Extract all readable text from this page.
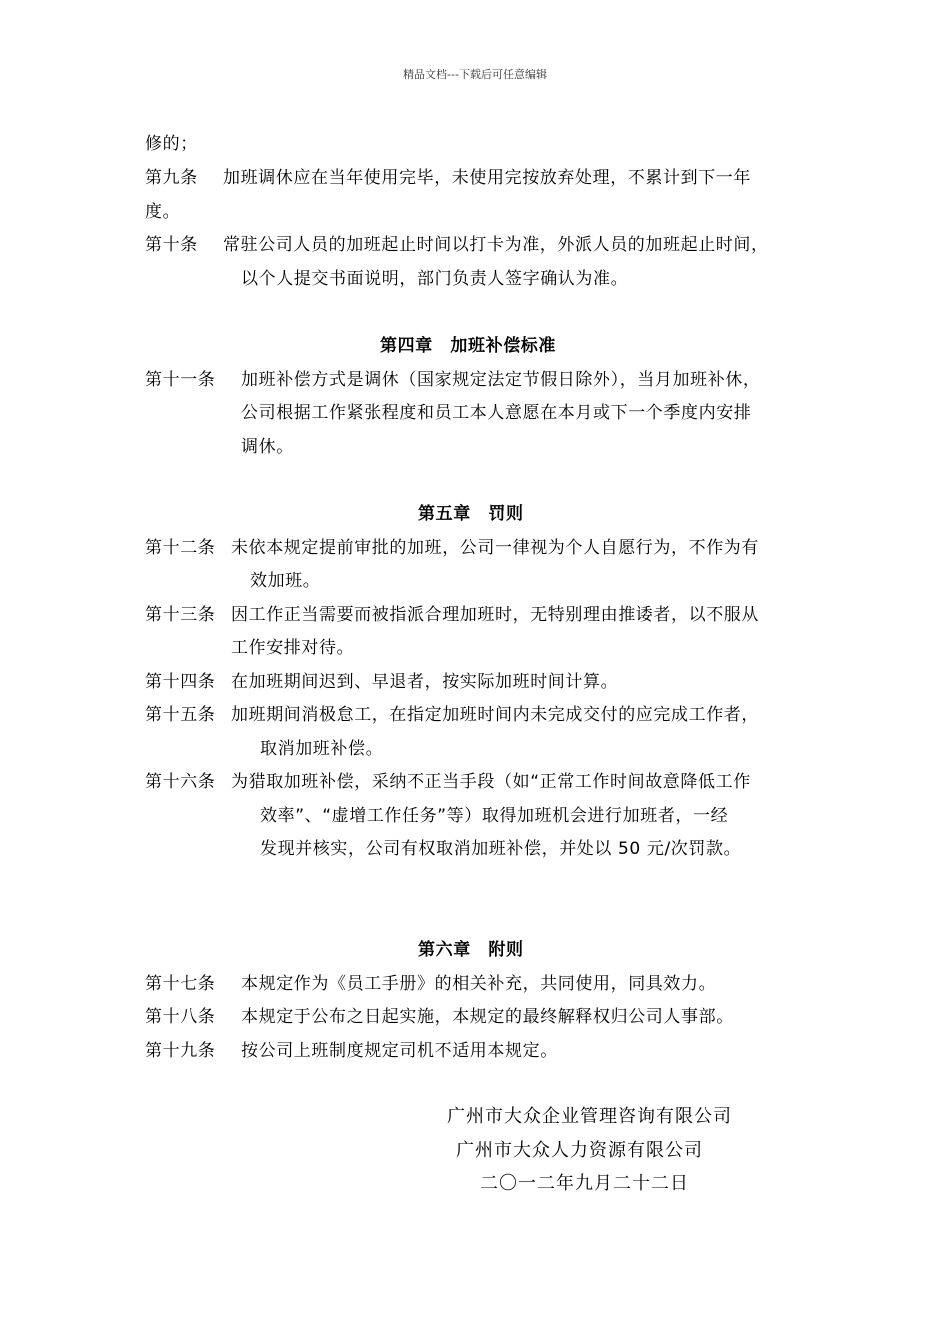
精品文档---下载后可任意编辑
修的；
第九条 加班调休应在当年使用完毕，未使用完按放弃处理，不累计到下一年
度。
第十条 常驻公司人员的加班起止时间以打卡为准，外派人员的加班起止时间，
以个人提交书面说明，部门负责人签字确认为准。
第四章　加班补偿标准
第十一条 加班补偿方式是调休（国家规定法定节假日除外），当月加班补休，
公司根据工作紧张程度和员工本人意愿在本月或下一个季度内安排
调休。
第五章　罚则
第十二条 未依本规定提前审批的加班，公司一律视为个人自愿行为，不作为有
效加班。
第十三条 因工作正当需要而被指派合理加班时，无特别理由推诿者，以不服从
工作安排对待。
第十四条 在加班期间迟到、早退者，按实际加班时间计算。
第十五条 加班期间消极怠工，在指定加班时间内未完成交付的应完成工作者，
取消加班补偿。
第十六条 为猎取加班补偿，采纳不正当手段（如“正常工作时间故意降低工作
效率”、“虚增工作任务”等）取得加班机会进行加班者，一经
发现并核实，公司有权取消加班补偿，并处以 50 元/次罚款。
第六章　附则
第十七条 本规定作为《员工手册》的相关补充，共同使用，同具效力。
第十八条 本规定于公布之日起实施，本规定的最终解释权归公司人事部。
第十九条 按公司上班制度规定司机不适用本规定。
广州市大众企业管理咨询有限公司
广州市大众人力资源有限公司
二〇一二年九月二十二日
